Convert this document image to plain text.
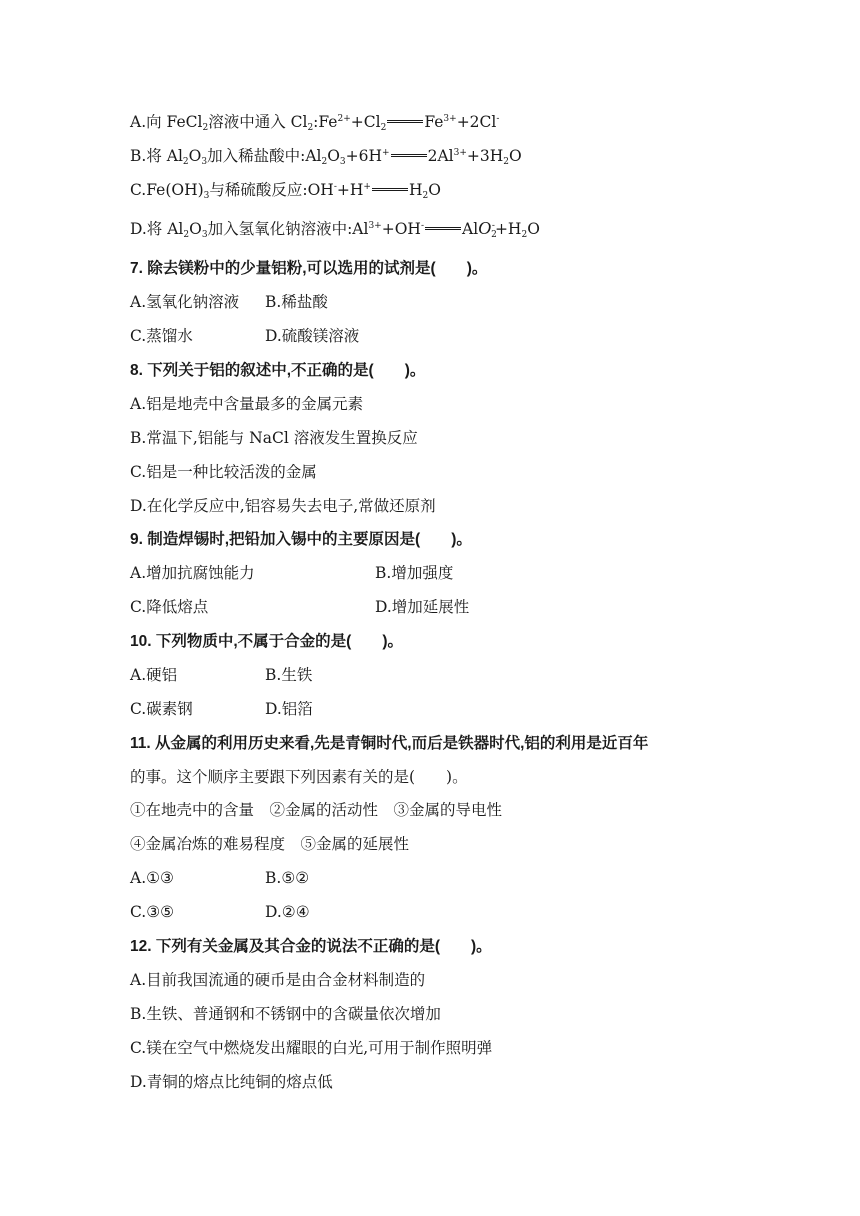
A.向 FeCl$_2$溶液中通入 $Cl_2:Fe^{2+}+Cl_2$ $Fe^{3+}+2Cl^-$
B.将 $Al_2O_3$加入稀盐酸中$:Al_2O_3+6H^+$ $2Al^{3+}+3H_2O$
$C.Fe(OH)_3$与稀硫酸反应:OH-+H+ $H_2O$
D.将 $Al_2O_3$加入氢氧化钠溶液中$:Al^{3+}+OH^-$ $AlO_2^-+H_2O$
7. 除去镁粉中的少量铝粉,可以选用的试剂是(　　)。
A.氢氧化钠溶液 B.稀盐酸
C.蒸馏水	D.硫酸镁溶液
8. 下列关于铝的叙述中,不正确的是(　　)。
A.铝是地壳中含量最多的金属元素
B.常温下,铝能与 NaCl 溶液发生置换反应
C.铝是一种比较活泼的金属
D.在化学反应中,铝容易失去电子,常做还原剂
9. 制造焊锡时,把铅加入锡中的主要原因是(　　)。
A.增加抗腐蚀能力	B.增加强度
C.降低熔点	D.增加延展性
10. 下列物质中,不属于合金的是(　　)。
A.硬铝	B.生铁
C.碳素钢	D.铝箔
11. 从金属的利用历史来看,先是青铜时代,而后是铁器时代,铝的利用是近百年
的事。这个顺序主要跟下列因素有关的是(　　)。
①在地壳中的含量　②金属的活动性　③金属的导电性
④金属冶炼的难易程度　⑤金属的延展性
A.①③	B.⑤②
C.③⑤	D.②④
12. 下列有关金属及其合金的说法不正确的是(　　)。
A.目前我国流通的硬币是由合金材料制造的
B.生铁、普通钢和不锈钢中的含碳量依次增加
C.镁在空气中燃烧发出耀眼的白光,可用于制作照明弹
D.青铜的熔点比纯铜的熔点低
